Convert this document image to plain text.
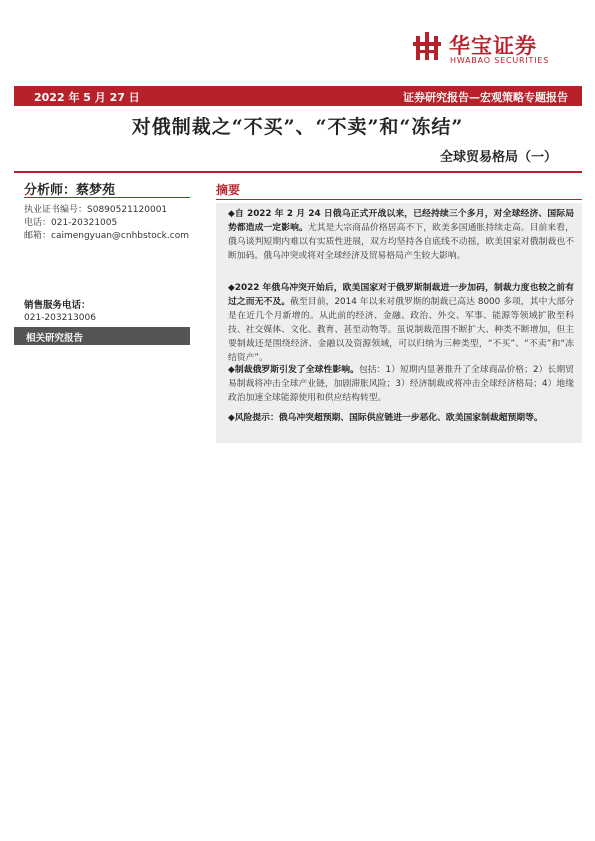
华宝证券
HWABAO SECURITIES
2022 年 5 月 27 日	证券研究报告—宏观策略专题报告
对俄制裁之“不买”、“不卖”和“冻结”
全球贸易格局（一）
分析师：蔡梦苑
执业证书编号：S0890521120001
电话：021-20321005
邮箱：caimengyuan@cnhbstock.com
销售服务电话：
021-203213006
相关研究报告
摘要
◆自 2022 年 2 月 24 日俄乌正式开战以来，已经持续三个多月，对全球经济、国际局势都造成一定影响。尤其是大宗商品价格居高不下，欧美多国通胀持续走高。目前来看，俄乌谈判短期内难以有实质性进展，双方均坚持各自底线不动摇，欧美国家对俄制裁也不断加码。俄乌冲突或将对全球经济及贸易格局产生较大影响。
◆2022 年俄乌冲突开始后，欧美国家对于俄罗斯制裁进一步加码，制裁力度也较之前有过之而无不及。截至目前，2014 年以来对俄罗斯的制裁已高达 8000 多项，其中大部分是在近几个月新增的。从此前的经济、金融、政治、外交、军事、能源等领域扩散至科技、社交媒体、文化、教育、甚至动物等。虽说制裁范围不断扩大、种类不断增加，但主要制裁还是围绕经济、金融以及资源领域，可以归纳为三种类型，“不买”、“不卖”和“冻结资产”。
◆制裁俄罗斯引发了全球性影响。包括：1）短期内显著推升了全球商品价格；2）长期贸易制裁将冲击全球产业链，加剧滞胀风险；3）经济制裁或将冲击全球经济格局；4）地缘政治加速全球能源使用和供应结构转型。
◆风险提示：俄乌冲突超预期、国际供应链进一步恶化、欧美国家制裁超预期等。
